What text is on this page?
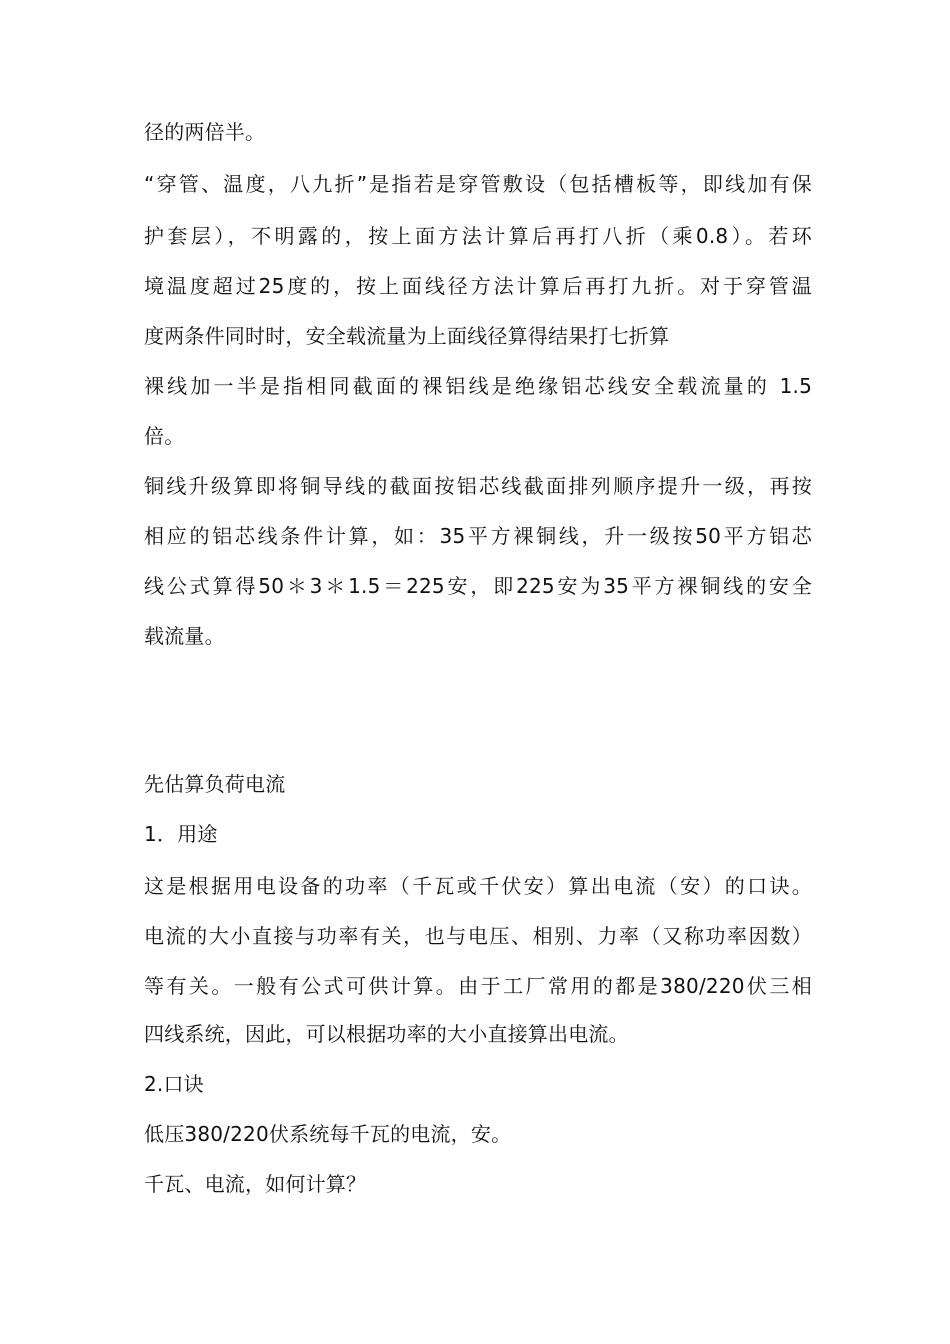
径的两倍半。
“穿管、温度，八九折”是指若是穿管敷设（包括槽板等，即线加有保
护套层），不明露的，按上面方法计算后再打八折（乘0.8）。若环
境温度超过25度的，按上面线径方法计算后再打九折。对于穿管温
度两条件同时时，安全载流量为上面线径算得结果打七折算
裸线加一半是指相同截面的裸铝线是绝缘铝芯线安全载流量的 1.5
倍。
铜线升级算即将铜导线的截面按铝芯线截面排列顺序提升一级，再按
相应的铝芯线条件计算，如：35平方裸铜线，升一级按50平方铝芯
线公式算得50＊3＊1.5＝225安，即225安为35平方裸铜线的安全
载流量。
先估算负荷电流
1．用途
这是根据用电设备的功率（千瓦或千伏安）算出电流（安）的口诀。
电流的大小直接与功率有关，也与电压、相别、力率（又称功率因数）
等有关。一般有公式可供计算。由于工厂常用的都是380/220伏三相
四线系统，因此，可以根据功率的大小直接算出电流。
2.口诀
低压380/220伏系统每千瓦的电流，安。
千瓦、电流，如何计算？
